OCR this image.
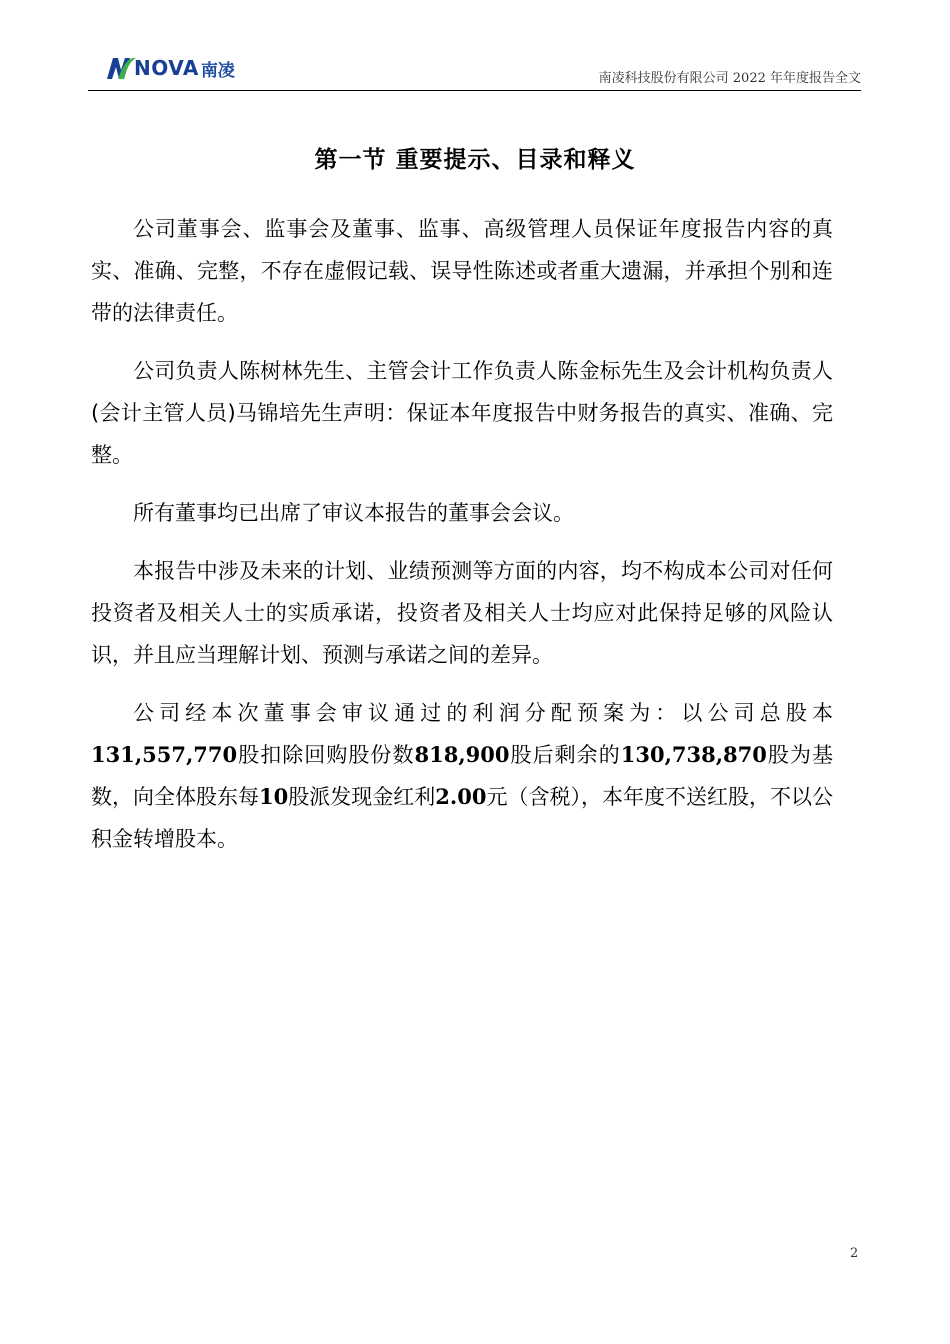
NOVA 南凌	南凌科技股份有限公司 2022 年年度报告全文
第一节 重要提示、目录和释义

公司董事会、监事会及董事、监事、高级管理人员保证年度报告内容的真实、准确、完整，不存在虚假记载、误导性陈述或者重大遗漏，并承担个别和连带的法律责任。

公司负责人陈树林先生、主管会计工作负责人陈金标先生及会计机构负责人(会计主管人员)马锦培先生声明：保证本年度报告中财务报告的真实、准确、完整。

所有董事均已出席了审议本报告的董事会会议。

本报告中涉及未来的计划、业绩预测等方面的内容，均不构成本公司对任何投资者及相关人士的实质承诺，投资者及相关人士均应对此保持足够的风险认识，并且应当理解计划、预测与承诺之间的差异。

公司经本次董事会审议通过的利润分配预案为：以公司总股本131,557,770股扣除回购股份数818,900股后剩余的130,738,870股为基数，向全体股东每10股派发现金红利2.00元（含税），本年度不送红股，不以公积金转增股本。

2
